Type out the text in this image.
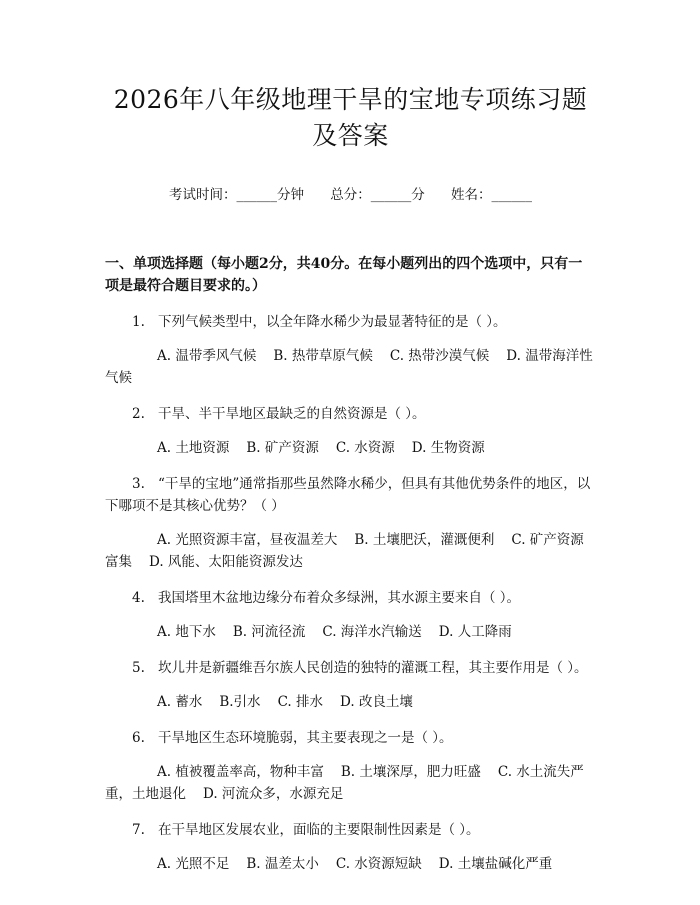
2026年八年级地理干旱的宝地专项练习题及答案
考试时间：______分钟 总分：______分 姓名：______
一、单项选择题（每小题2分，共40分。在每小题列出的四个选项中，只有一项是最符合题目要求的。）
1. 下列气候类型中，以全年降水稀少为最显著特征的是（ ）。
A. 温带季风气候 B. 热带草原气候 C. 热带沙漠气候 D. 温带海洋性气候
2. 干旱、半干旱地区最缺乏的自然资源是（ ）。
A. 土地资源 B. 矿产资源 C. 水资源 D. 生物资源
3. “干旱的宝地”通常指那些虽然降水稀少，但具有其他优势条件的地区，以下哪项不是其核心优势？（ ）
A. 光照资源丰富，昼夜温差大 B. 土壤肥沃，灌溉便利 C. 矿产资源富集 D. 风能、太阳能资源发达
4. 我国塔里木盆地边缘分布着众多绿洲，其水源主要来自（ ）。
A. 地下水 B. 河流径流 C. 海洋水汽输送 D. 人工降雨
5. 坎儿井是新疆维吾尔族人民创造的独特的灌溉工程，其主要作用是（ ）。
A. 蓄水 B.引水 C. 排水 D. 改良土壤
6. 干旱地区生态环境脆弱，其主要表现之一是（ ）。
A. 植被覆盖率高，物种丰富 B. 土壤深厚，肥力旺盛 C. 水土流失严重，土地退化 D. 河流众多，水源充足
7. 在干旱地区发展农业，面临的主要限制性因素是（ ）。
A. 光照不足 B. 温差太小 C. 水资源短缺 D. 土壤盐碱化严重
